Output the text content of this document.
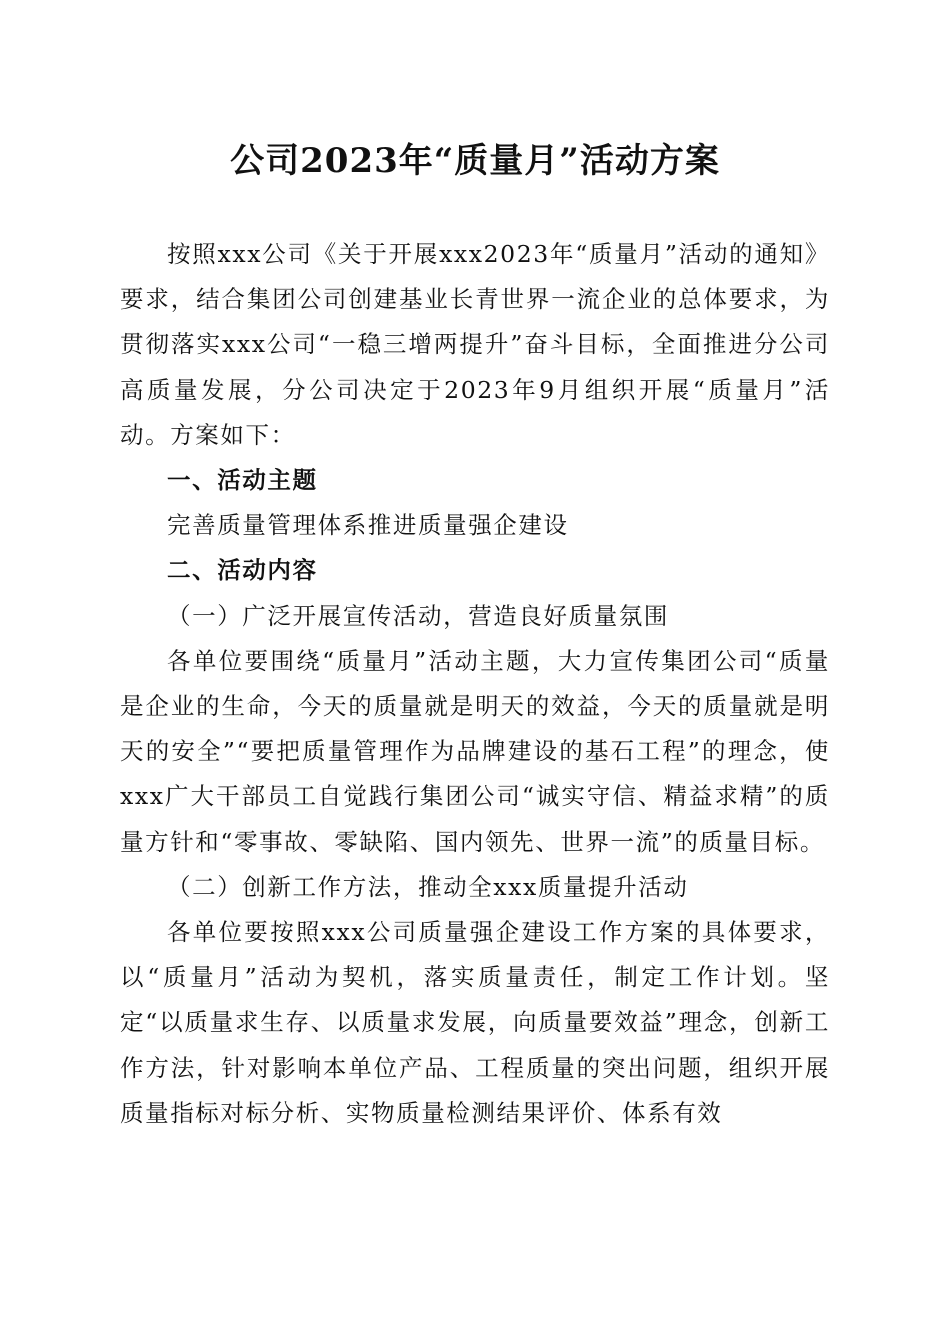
公司2023年“质量月”活动方案

按照xxx公司《关于开展xxx2023年“质量月”活动的通知》要求，结合集团公司创建基业长青世界一流企业的总体要求，为贯彻落实xxx公司“一稳三增两提升”奋斗目标，全面推进分公司高质量发展，分公司决定于2023年9月组织开展“质量月”活动。方案如下：

一、活动主题

完善质量管理体系推进质量强企建设

二、活动内容

（一）广泛开展宣传活动，营造良好质量氛围

各单位要围绕“质量月”活动主题，大力宣传集团公司“质量是企业的生命，今天的质量就是明天的效益，今天的质量就是明天的安全”“要把质量管理作为品牌建设的基石工程”的理念，使xxx广大干部员工自觉践行集团公司“诚实守信、精益求精”的质量方针和“零事故、零缺陷、国内领先、世界一流”的质量目标。

（二）创新工作方法，推动全xxx质量提升活动

各单位要按照xxx公司质量强企建设工作方案的具体要求，以“质量月”活动为契机，落实质量责任，制定工作计划。坚定“以质量求生存、以质量求发展，向质量要效益”理念，创新工作方法，针对影响本单位产品、工程质量的突出问题，组织开展质量指标对标分析、实物质量检测结果评价、体系有效
